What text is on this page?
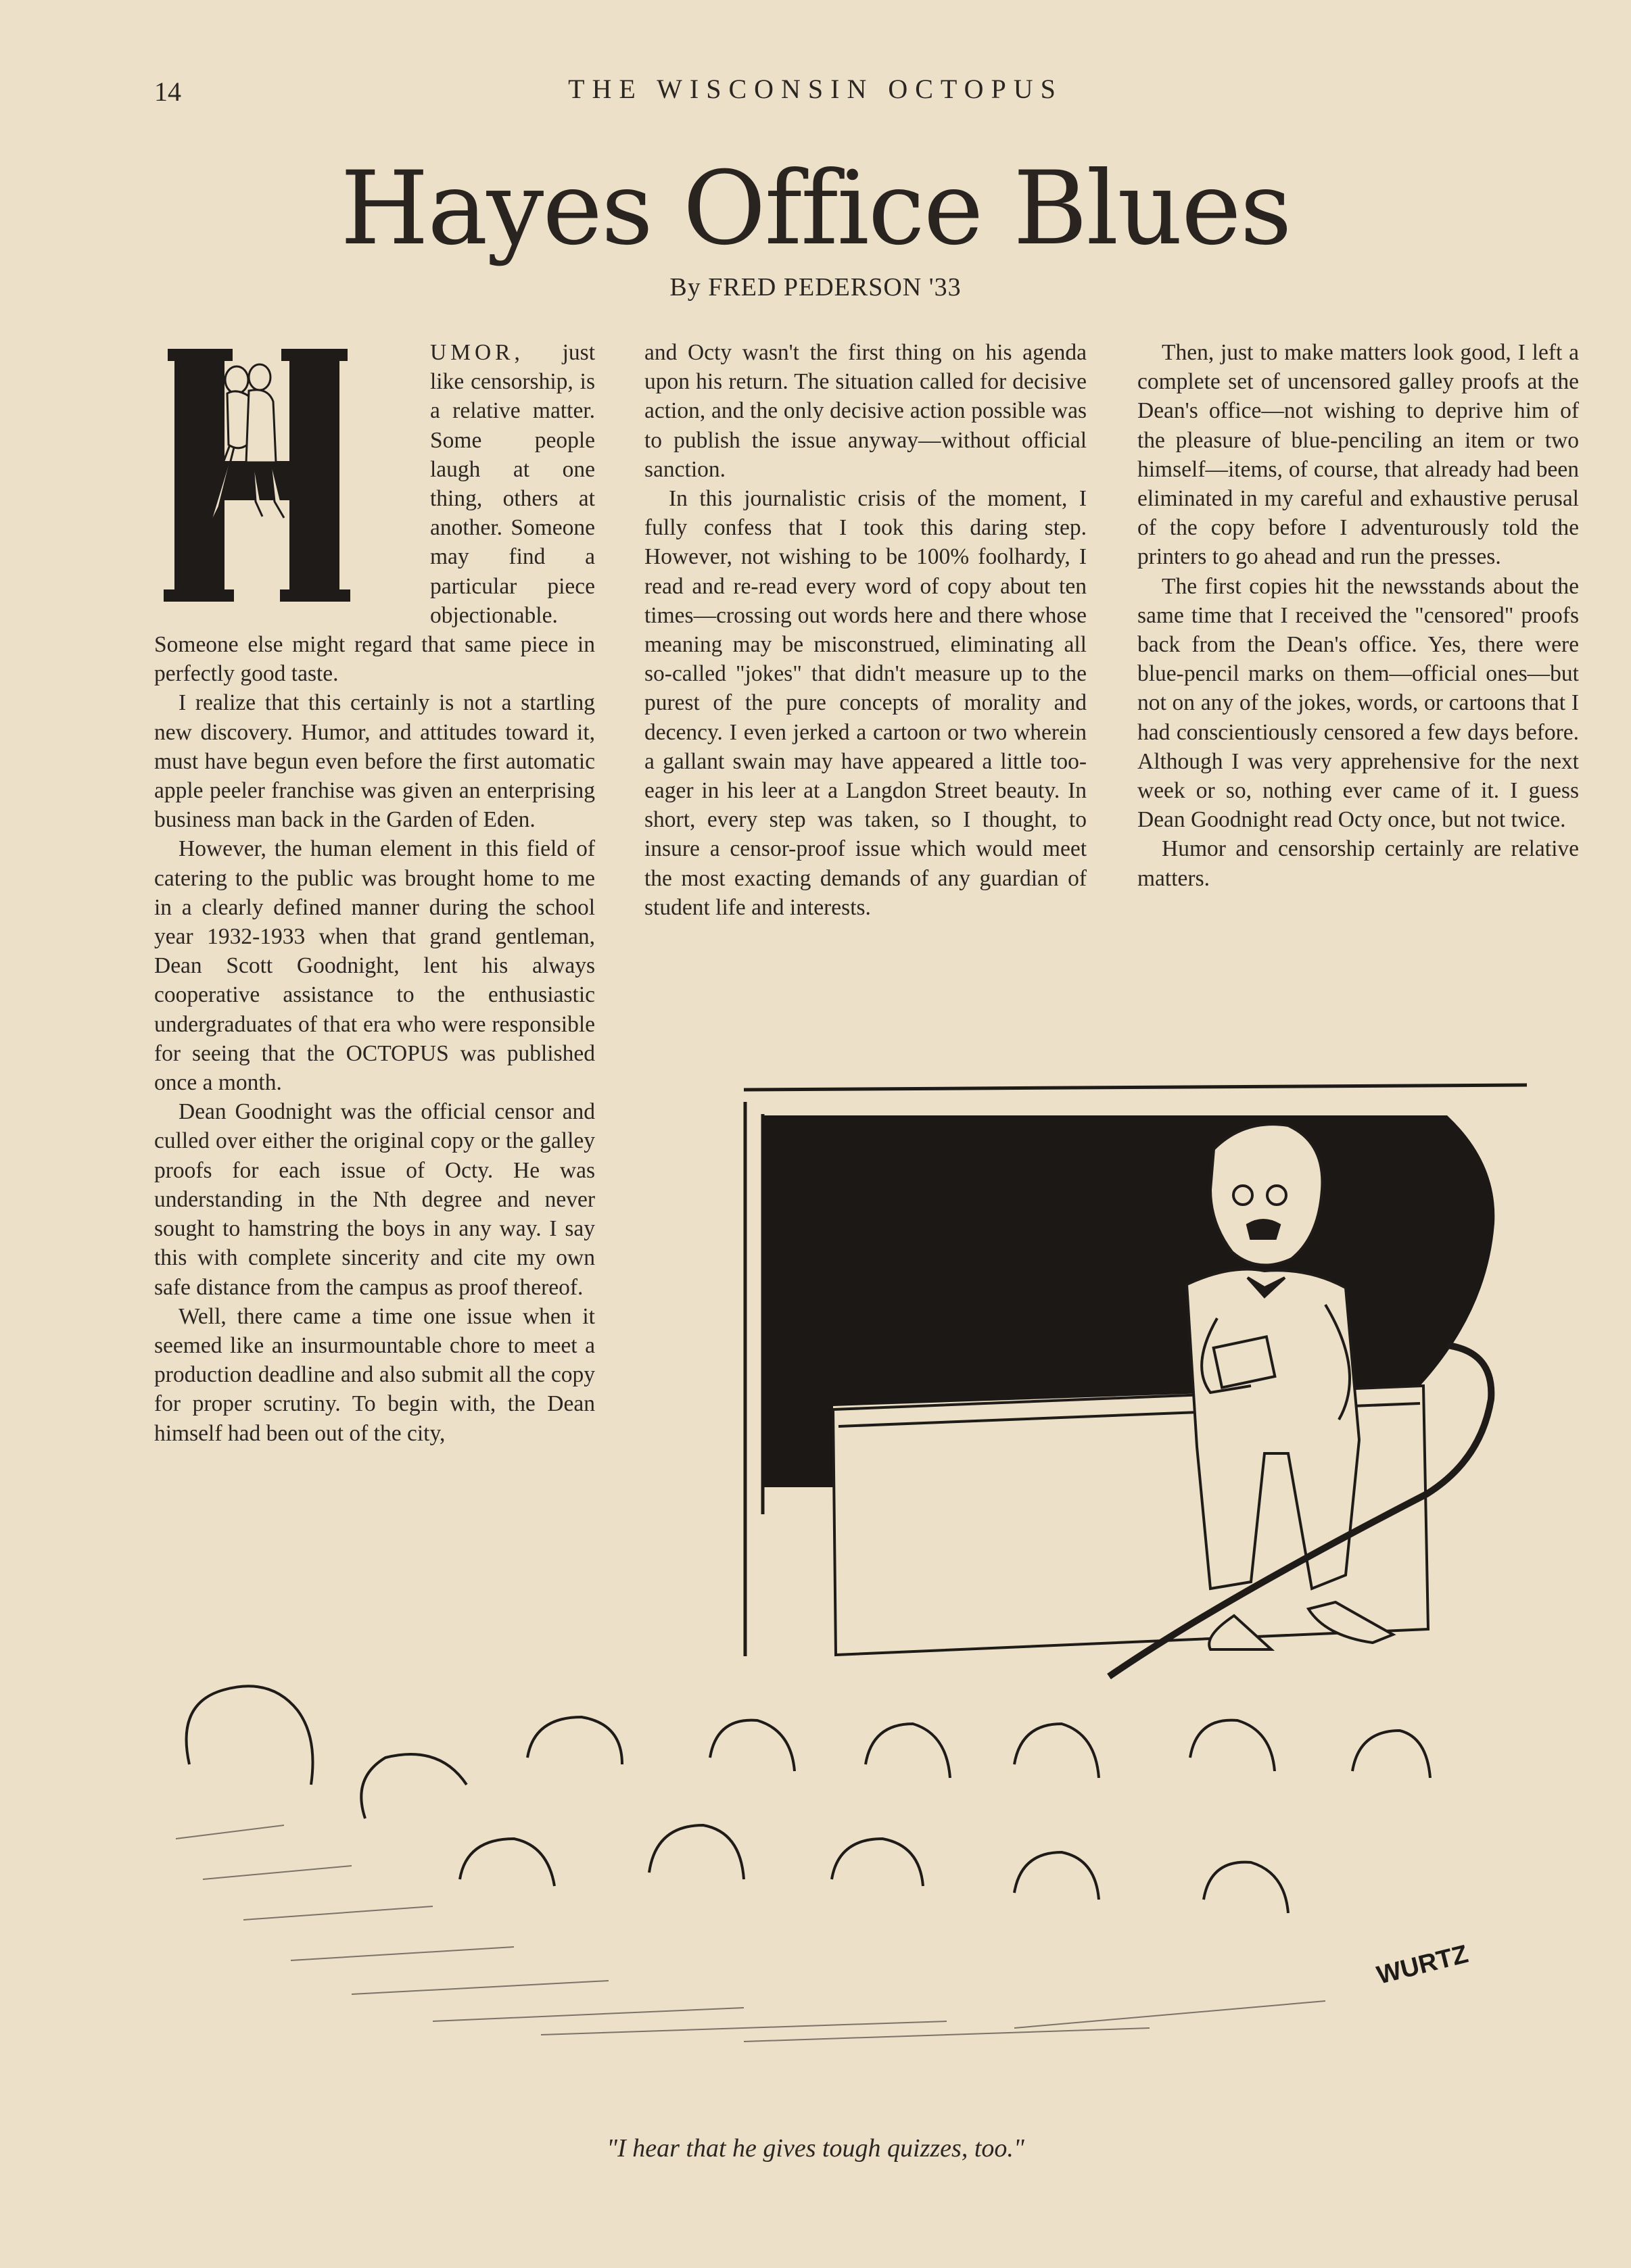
14	THE WISCONSIN OCTOPUS
Hayes Office Blues
By FRED PEDERSON '33
H

UMOR, just like censorship, is a relative matter. Some people laugh at one thing, others at another. Someone may find a particular piece objectionable. Someone else might regard that same piece in perfectly good taste.

I realize that this certainly is not a startling new discovery. Humor, and attitudes toward it, must have begun even before the first automatic apple peeler franchise was given an enterprising business man back in the Garden of Eden.

However, the human element in this field of catering to the public was brought home to me in a clearly defined manner during the school year 1932-1933 when that grand gentleman, Dean Scott Goodnight, lent his always cooperative assistance to the enthusiastic undergraduates of that era who were responsible for seeing that the OCTOPUS was published once a month.

Dean Goodnight was the official censor and culled over either the original copy or the galley proofs for each issue of Octy. He was understanding in the Nth degree and never sought to hamstring the boys in any way. I say this with complete sincerity and cite my own safe distance from the campus as proof thereof.

Well, there came a time one issue when it seemed like an insurmountable chore to meet a production deadline and also submit all the copy for proper scrutiny. To begin with, the Dean himself had been out of the city,

and Octy wasn't the first thing on his agenda upon his return. The situation called for decisive action, and the only decisive action possible was to publish the issue anyway—without official sanction.

In this journalistic crisis of the moment, I fully confess that I took this daring step. However, not wishing to be 100% foolhardy, I read and re-read every word of copy about ten times—crossing out words here and there whose meaning may be misconstrued, eliminating all so-called "jokes" that didn't measure up to the purest of the pure concepts of morality and decency. I even jerked a cartoon or two wherein a gallant swain may have appeared a little too-eager in his leer at a Langdon Street beauty. In short, every step was taken, so I thought, to insure a censor-proof issue which would meet the most exacting demands of any guardian of student life and interests.

Then, just to make matters look good, I left a complete set of uncensored galley proofs at the Dean's office—not wishing to deprive him of the pleasure of blue-penciling an item or two himself—items, of course, that already had been eliminated in my careful and exhaustive perusal of the copy before I adventurously told the printers to go ahead and run the presses.

The first copies hit the newsstands about the same time that I received the "censored" proofs back from the Dean's office. Yes, there were blue-pencil marks on them—official ones—but not on any of the jokes, words, or cartoons that I had conscientiously censored a few days before. Although I was very apprehensive for the next week or so, nothing ever came of it. I guess Dean Goodnight read Octy once, but not twice.

Humor and censorship certainly are relative matters.

WURTZ
"I hear that he gives tough quizzes, too."
